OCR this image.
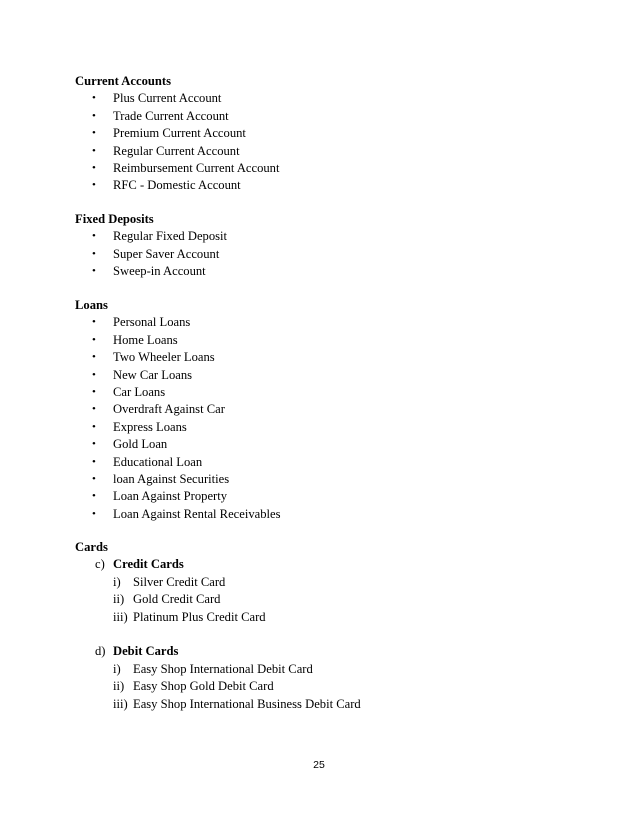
Current Accounts
• Plus Current Account
• Trade Current Account
• Premium Current Account
• Regular Current Account
• Reimbursement Current Account
• RFC - Domestic Account
Fixed Deposits
• Regular Fixed Deposit
• Super Saver Account
• Sweep-in Account
Loans
• Personal Loans
• Home Loans
• Two Wheeler Loans
• New Car Loans
• Car Loans
• Overdraft Against Car
• Express Loans
• Gold Loan
• Educational Loan
• loan Against Securities
• Loan Against Property
• Loan Against Rental Receivables
Cards
c) Credit Cards
i) Silver Credit Card
ii) Gold Credit Card
iii) Platinum Plus Credit Card
d) Debit Cards
i) Easy Shop International Debit Card
ii) Easy Shop Gold Debit Card
iii) Easy Shop International Business Debit Card
25
